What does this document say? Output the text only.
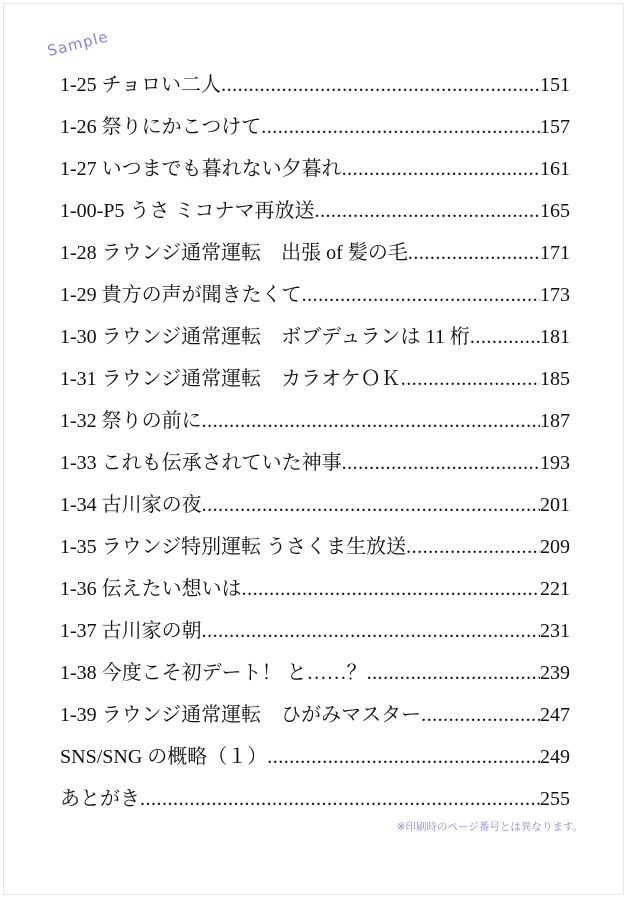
Sample
1-25 チョロい二人 .....	151
1-26 祭りにかこつけて .....	157
1-27 いつまでも暮れない夕暮れ .....	161
1-00-P5 うさ ミコナマ再放送 .....	165
1-28 ラウンジ通常運転　出張 of 髪の毛 .....	171
1-29 貴方の声が聞きたくて .....	173
1-30 ラウンジ通常運転　ボブデュランは 11 桁 .....	181
1-31 ラウンジ通常運転　カラオケＯＫ .....	185
1-32 祭りの前に .....	187
1-33 これも伝承されていた神事 .....	193
1-34 古川家の夜 .....	201
1-35 ラウンジ特別運転 うさくま生放送 .....	209
1-36 伝えたい想いは .....	221
1-37 古川家の朝 .....	231
1-38 今度こそ初デート！ と……？ .....	239
1-39 ラウンジ通常運転　ひがみマスター .....	247
SNS/SNG の概略（１） .....	249
あとがき .....	255
※印刷時のページ番号とは異なります。
